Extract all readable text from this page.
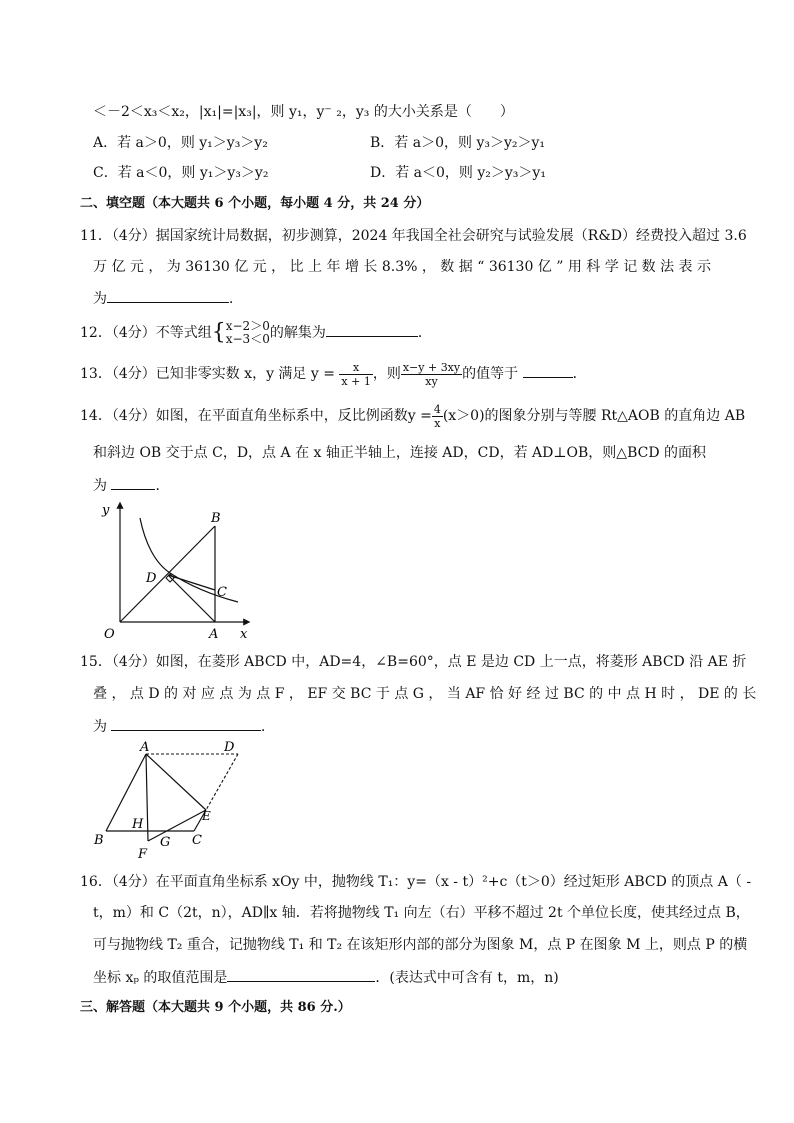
＜－2＜x₃＜x₂，|x₁|=|x₃|，则 y₁，y⁻ ₂，y₃ 的大小关系是（　　）
A．若 a＞0，则 y₁＞y₃＞y₂	B．若 a＞0，则 y₃＞y₂＞y₁
C．若 a＜0，则 y₁＞y₃＞y₂	D．若 a＜0，则 y₂＞y₃＞y₁
二、填空题（本大题共 6 个小题，每小题 4 分，共 24 分）
11．（4分）据国家统计局数据，初步测算，2024 年我国全社会研究与试验发展（R&D）经费投入超过 3.6
万 亿 元 ， 为 36130 亿 元 ， 比 上 年 增 长 8.3% ， 数 据 “ 36130 亿 ” 用 科 学 记 数 法 表 示
为	．
12．（4分）不等式组{ x−2＞0
x−3＜0 的解集为	．
13．（4分）已知非零实数 x，y 满足 $y = \frac{x}{x + 1}$ ，则 $\frac{x-y + 3xy}{xy}$ 的值等于	．
14．（4分）如图，在平面直角坐标系中，反比例函数$y = \frac{4}{x} (x>0)$的图象分别与等腰 Rt△AOB 的直角边 AB
和斜边 OB 交于点 C，D，点 A 在 x 轴正半轴上，连接 AD，CD，若 AD⊥OB，则△BCD 的面积
为	．
y
x
O	A
B
C
D
15．（4分）如图，在菱形 ABCD 中，AD=4，∠B=60°，点 E 是边 CD 上一点，将菱形 ABCD 沿 AE 折
叠 ， 点 D 的 对 应 点 为 点 F ， EF 交 BC 于 点 G ， 当 AF 恰 好 经 过 BC 的 中 点 H 时 ， DE 的 长
为	．
A	D
B	C
E
F
G
H
16．（4分）在平面直角坐标系 xOy 中，抛物线 T₁：y=（x - t）²+c（t＞0）经过矩形 ABCD 的顶点 A（ -
t，m）和 C（2t，n），AD∥x 轴．若将抛物线 T₁ 向左（右）平移不超过 2t 个单位长度，使其经过点 B，
可与抛物线 T₂ 重合，记抛物线 T₁ 和 T₂ 在该矩形内部的部分为图象 M，点 P 在图象 M 上，则点 P 的横
坐标 xₚ 的取值范围是	．(表达式中可含有 t，m，n)
三、解答题（本大题共 9 个小题，共 86 分.）
